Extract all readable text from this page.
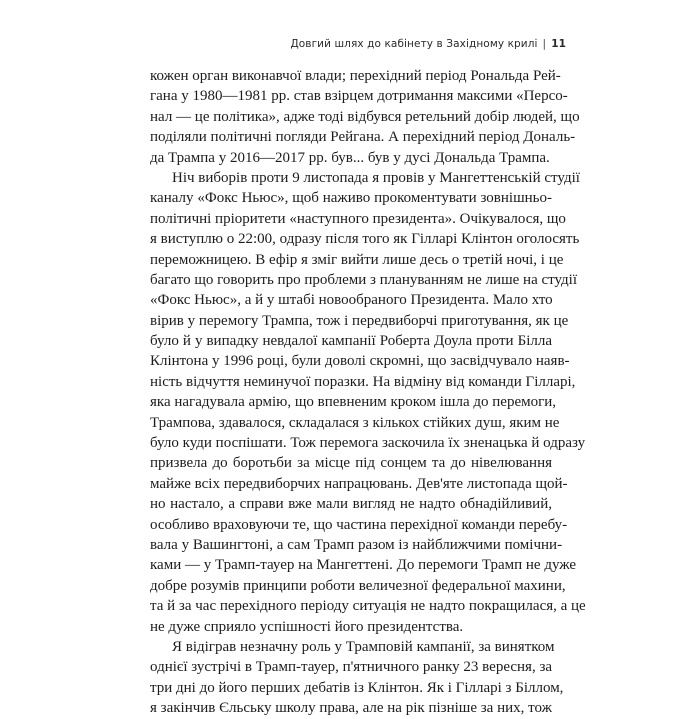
Довгий шлях до кабінету в Західному крилі | 11
кожен орган виконавчої влади; перехідний період Рональда Рей-
гана у 1980—1981 рр. став взірцем дотримання максими «Персо-
нал — це політика», адже тоді відбувся ретельний добір людей, що
поділяли політичні погляди Рейгана. А перехідний період Дональ-
да Трампа у 2016—2017 рр. був... був у дусі Дональда Трампа.
Ніч виборів проти 9 листопада я провів у Мангеттенській студії
каналу «Фокс Ньюс», щоб наживо прокоментувати зовнішньо-
політичні пріоритети «наступного президента». Очікувалося, що
я виступлю о 22:00, одразу після того як Гілларі Клінтон оголосять
переможницею. В ефір я зміг вийти лише десь о третій ночі, і це
багато що говорить про проблеми з плануванням не лише на студії
«Фокс Ньюс», а й у штабі новообраного Президента. Мало хто
вірив у перемогу Трампа, тож і передвиборчі приготування, як це
було й у випадку невдалої кампанії Роберта Доула проти Білла
Клінтона у 1996 році, були доволі скромні, що засвідчувало наяв-
ність відчуття неминучої поразки. На відміну від команди Гілларі,
яка нагадувала армію, що впевненим кроком ішла до перемоги,
Трампова, здавалося, складалася з кількох стійких душ, яким не
було куди поспішати. Тож перемога заскочила їх зненацька й одразу
призвела до боротьби за місце під сонцем та до нівелювання
майже всіх передвиборчих напрацювань. Дев'яте листопада щой-
но настало, а справи вже мали вигляд не надто обнадійливий,
особливо враховуючи те, що частина перехідної команди перебу-
вала у Вашингтоні, а сам Трамп разом із найближчими помічни-
ками — у Трамп-тауер на Мангеттені. До перемоги Трамп не дуже
добре розумів принципи роботи величезної федеральної махини,
та й за час перехідного періоду ситуація не надто покращилася, а це
не дуже сприяло успішності його президентства.
Я відіграв незначну роль у Трамповій кампанії, за винятком
однієї зустрічі в Трамп-тауер, п'ятничного ранку 23 вересня, за
три дні до його перших дебатів із Клінтон. Як і Гілларі з Біллом,
я закінчив Єльську школу права, але на рік пізніше за них, тож
